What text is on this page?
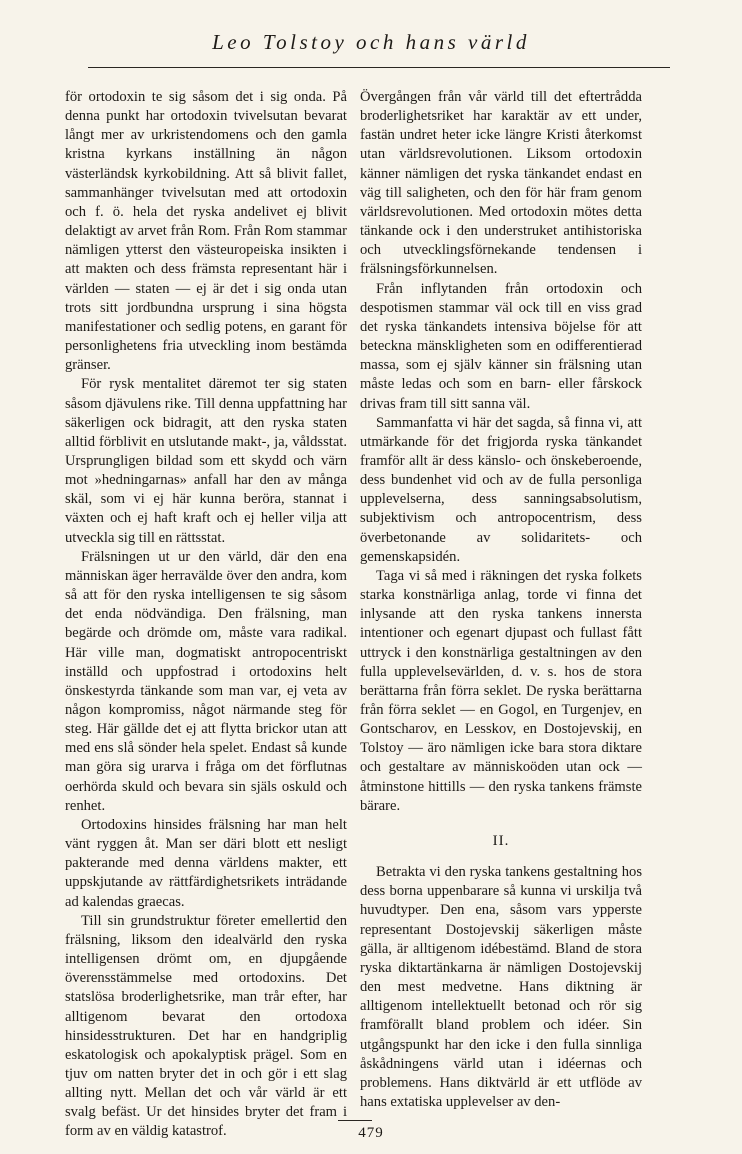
Leo Tolstoy och hans värld

för ortodoxin te sig såsom det i sig onda. På denna punkt har ortodoxin tvivelsutan bevarat långt mer av urkristendomens och den gamla kristna kyrkans inställning än någon västerländsk kyrkobildning. Att så blivit fallet, sammanhänger tvivelsutan med att ortodoxin och f. ö. hela det ryska andelivet ej blivit delaktigt av arvet från Rom. Från Rom stammar nämligen ytterst den västeuropeiska insikten i att makten och dess främsta representant här i världen — staten — ej är det i sig onda utan trots sitt jordbundna ursprung i sina högsta manifestationer och sedlig potens, en garant för personlighetens fria utveckling inom bestämda gränser.

För rysk mentalitet däremot ter sig staten såsom djävulens rike. Till denna uppfattning har säkerligen ock bidragit, att den ryska staten alltid förblivit en utslutande makt-, ja, våldsstat. Ursprungligen bildad som ett skydd och värn mot »hedningarnas» anfall har den av många skäl, som vi ej här kunna beröra, stannat i växten och ej haft kraft och ej heller vilja att utveckla sig till en rättsstat.

Frälsningen ut ur den värld, där den ena människan äger herravälde över den andra, kom så att för den ryska intelligensen te sig såsom det enda nödvändiga. Den frälsning, man begärde och drömde om, måste vara radikal. Här ville man, dogmatiskt antropocentriskt inställd och uppfostrad i ortodoxins helt önskestyrda tänkande som man var, ej veta av någon kompromiss, något närmande steg för steg. Här gällde det ej att flytta brickor utan att med ens slå sönder hela spelet. Endast så kunde man göra sig urarva i fråga om det förflutnas oerhörda skuld och bevara sin själs oskuld och renhet.

Ortodoxins hinsides frälsning har man helt vänt ryggen åt. Man ser däri blott ett nesligt pakterande med denna världens makter, ett uppskjutande av rättfärdighetsrikets inträdande ad kalendas graecas.

Till sin grundstruktur företer emellertid den frälsning, liksom den idealvärld den ryska intelligensen drömt om, en djupgående överensstämmelse med ortodoxins. Det statslösa broderlighetsrike, man trår efter, har alltigenom bevarat den ortodoxa hinsidesstrukturen. Det har en handgriplig eskatologisk och apokalyptisk prägel. Som en tjuv om natten bryter det in och gör i ett slag allting nytt. Mellan det och vår värld är ett svalg befäst. Ur det hinsides bryter det fram i form av en väldig katastrof.

Övergången från vår värld till det eftertrådda broderlighetsriket har karaktär av ett under, fastän undret heter icke längre Kristi återkomst utan världsrevolutionen. Liksom ortodoxin känner nämligen det ryska tänkandet endast en väg till saligheten, och den för här fram genom världsrevolutionen. Med ortodoxin mötes detta tänkande ock i den understruket antihistoriska och utvecklingsförnekande tendensen i frälsningsförkunnelsen.

Från inflytanden från ortodoxin och despotismen stammar väl ock till en viss grad det ryska tänkandets intensiva böjelse för att beteckna mänskligheten som en odifferentierad massa, som ej själv känner sin frälsning utan måste ledas och som en barn- eller fårskock drivas fram till sitt sanna väl.

Sammanfatta vi här det sagda, så finna vi, att utmärkande för det frigjorda ryska tänkandet framför allt är dess känslo- och önskeberoende, dess bundenhet vid och av de fulla personliga upplevelserna, dess sanningsabsolutism, subjektivism och antropocentrism, dess överbetonande av solidaritets- och gemenskapsidén.

Taga vi så med i räkningen det ryska folkets starka konstnärliga anlag, torde vi finna det inlysande att den ryska tankens innersta intentioner och egenart djupast och fullast fått uttryck i den konstnärliga gestaltningen av den fulla upplevelsevärlden, d. v. s. hos de stora berättarna från förra seklet. De ryska berättarna från förra seklet — en Gogol, en Turgenjev, en Gontscharov, en Lesskov, en Dostojevskij, en Tolstoy — äro nämligen icke bara stora diktare och gestaltare av människoöden utan ock — åtminstone hittills — den ryska tankens främste bärare.

II.

Betrakta vi den ryska tankens gestaltning hos dess borna uppenbarare så kunna vi urskilja två huvudtyper. Den ena, såsom vars ypperste representant Dostojevskij säkerligen måste gälla, är alltigenom idébestämd. Bland de stora ryska diktartänkarna är nämligen Dostojevskij den mest medvetne. Hans diktning är alltigenom intellektuellt betonad och rör sig framförallt bland problem och idéer. Sin utgångspunkt har den icke i den fulla sinnliga åskådningens värld utan i idéernas och problemens. Hans diktvärld är ett utflöde av hans extatiska upplevelser av den-

479
